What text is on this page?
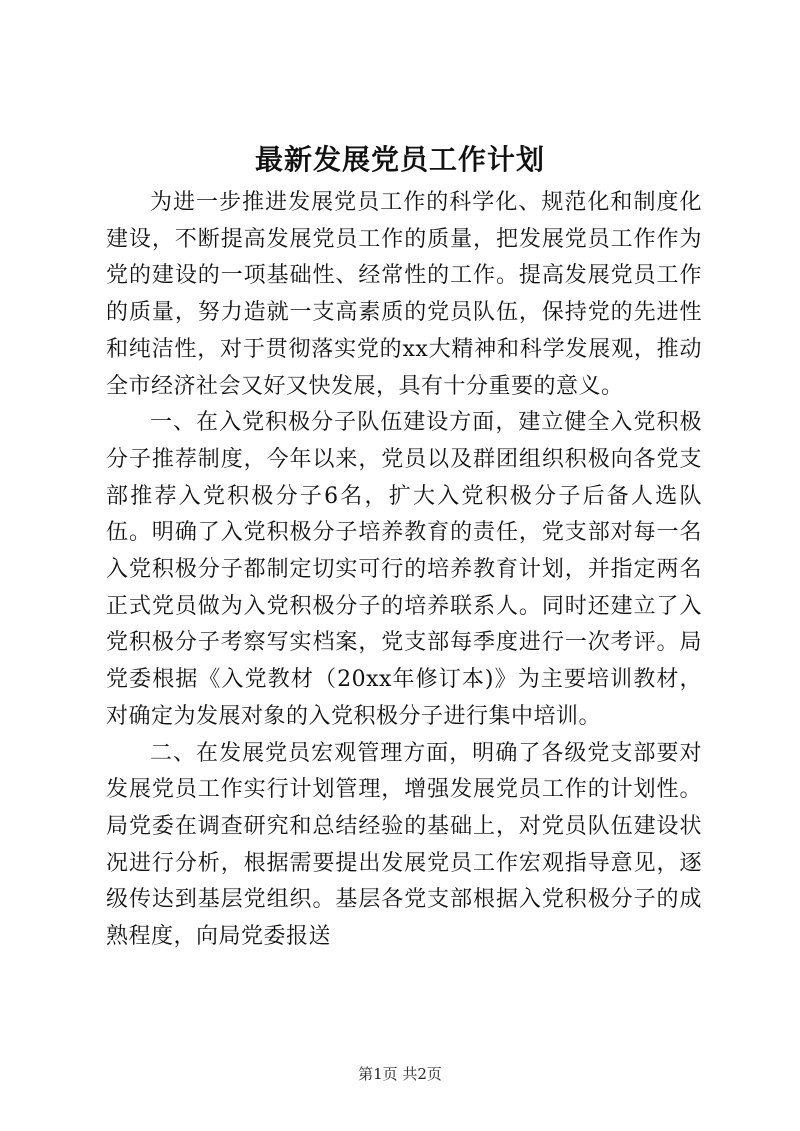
最新发展党员工作计划

为进一步推进发展党员工作的科学化、规范化和制度化建设，不断提高发展党员工作的质量，把发展党员工作作为党的建设的一项基础性、经常性的工作。提高发展党员工作的质量，努力造就一支高素质的党员队伍，保持党的先进性和纯洁性，对于贯彻落实党的xx大精神和科学发展观，推动全市经济社会又好又快发展，具有十分重要的意义。

一、在入党积极分子队伍建设方面，建立健全入党积极分子推荐制度，今年以来，党员以及群团组织积极向各党支部推荐入党积极分子6名，扩大入党积极分子后备人选队伍。明确了入党积极分子培养教育的责任，党支部对每一名入党积极分子都制定切实可行的培养教育计划，并指定两名正式党员做为入党积极分子的培养联系人。同时还建立了入党积极分子考察写实档案，党支部每季度进行一次考评。局党委根据《入党教材（20xx年修订本)》为主要培训教材，对确定为发展对象的入党积极分子进行集中培训。

二、在发展党员宏观管理方面，明确了各级党支部要对发展党员工作实行计划管理，增强发展党员工作的计划性。局党委在调查研究和总结经验的基础上，对党员队伍建设状况进行分析，根据需要提出发展党员工作宏观指导意见，逐级传达到基层党组织。基层各党支部根据入党积极分子的成熟程度，向局党委报送

第1页 共2页
